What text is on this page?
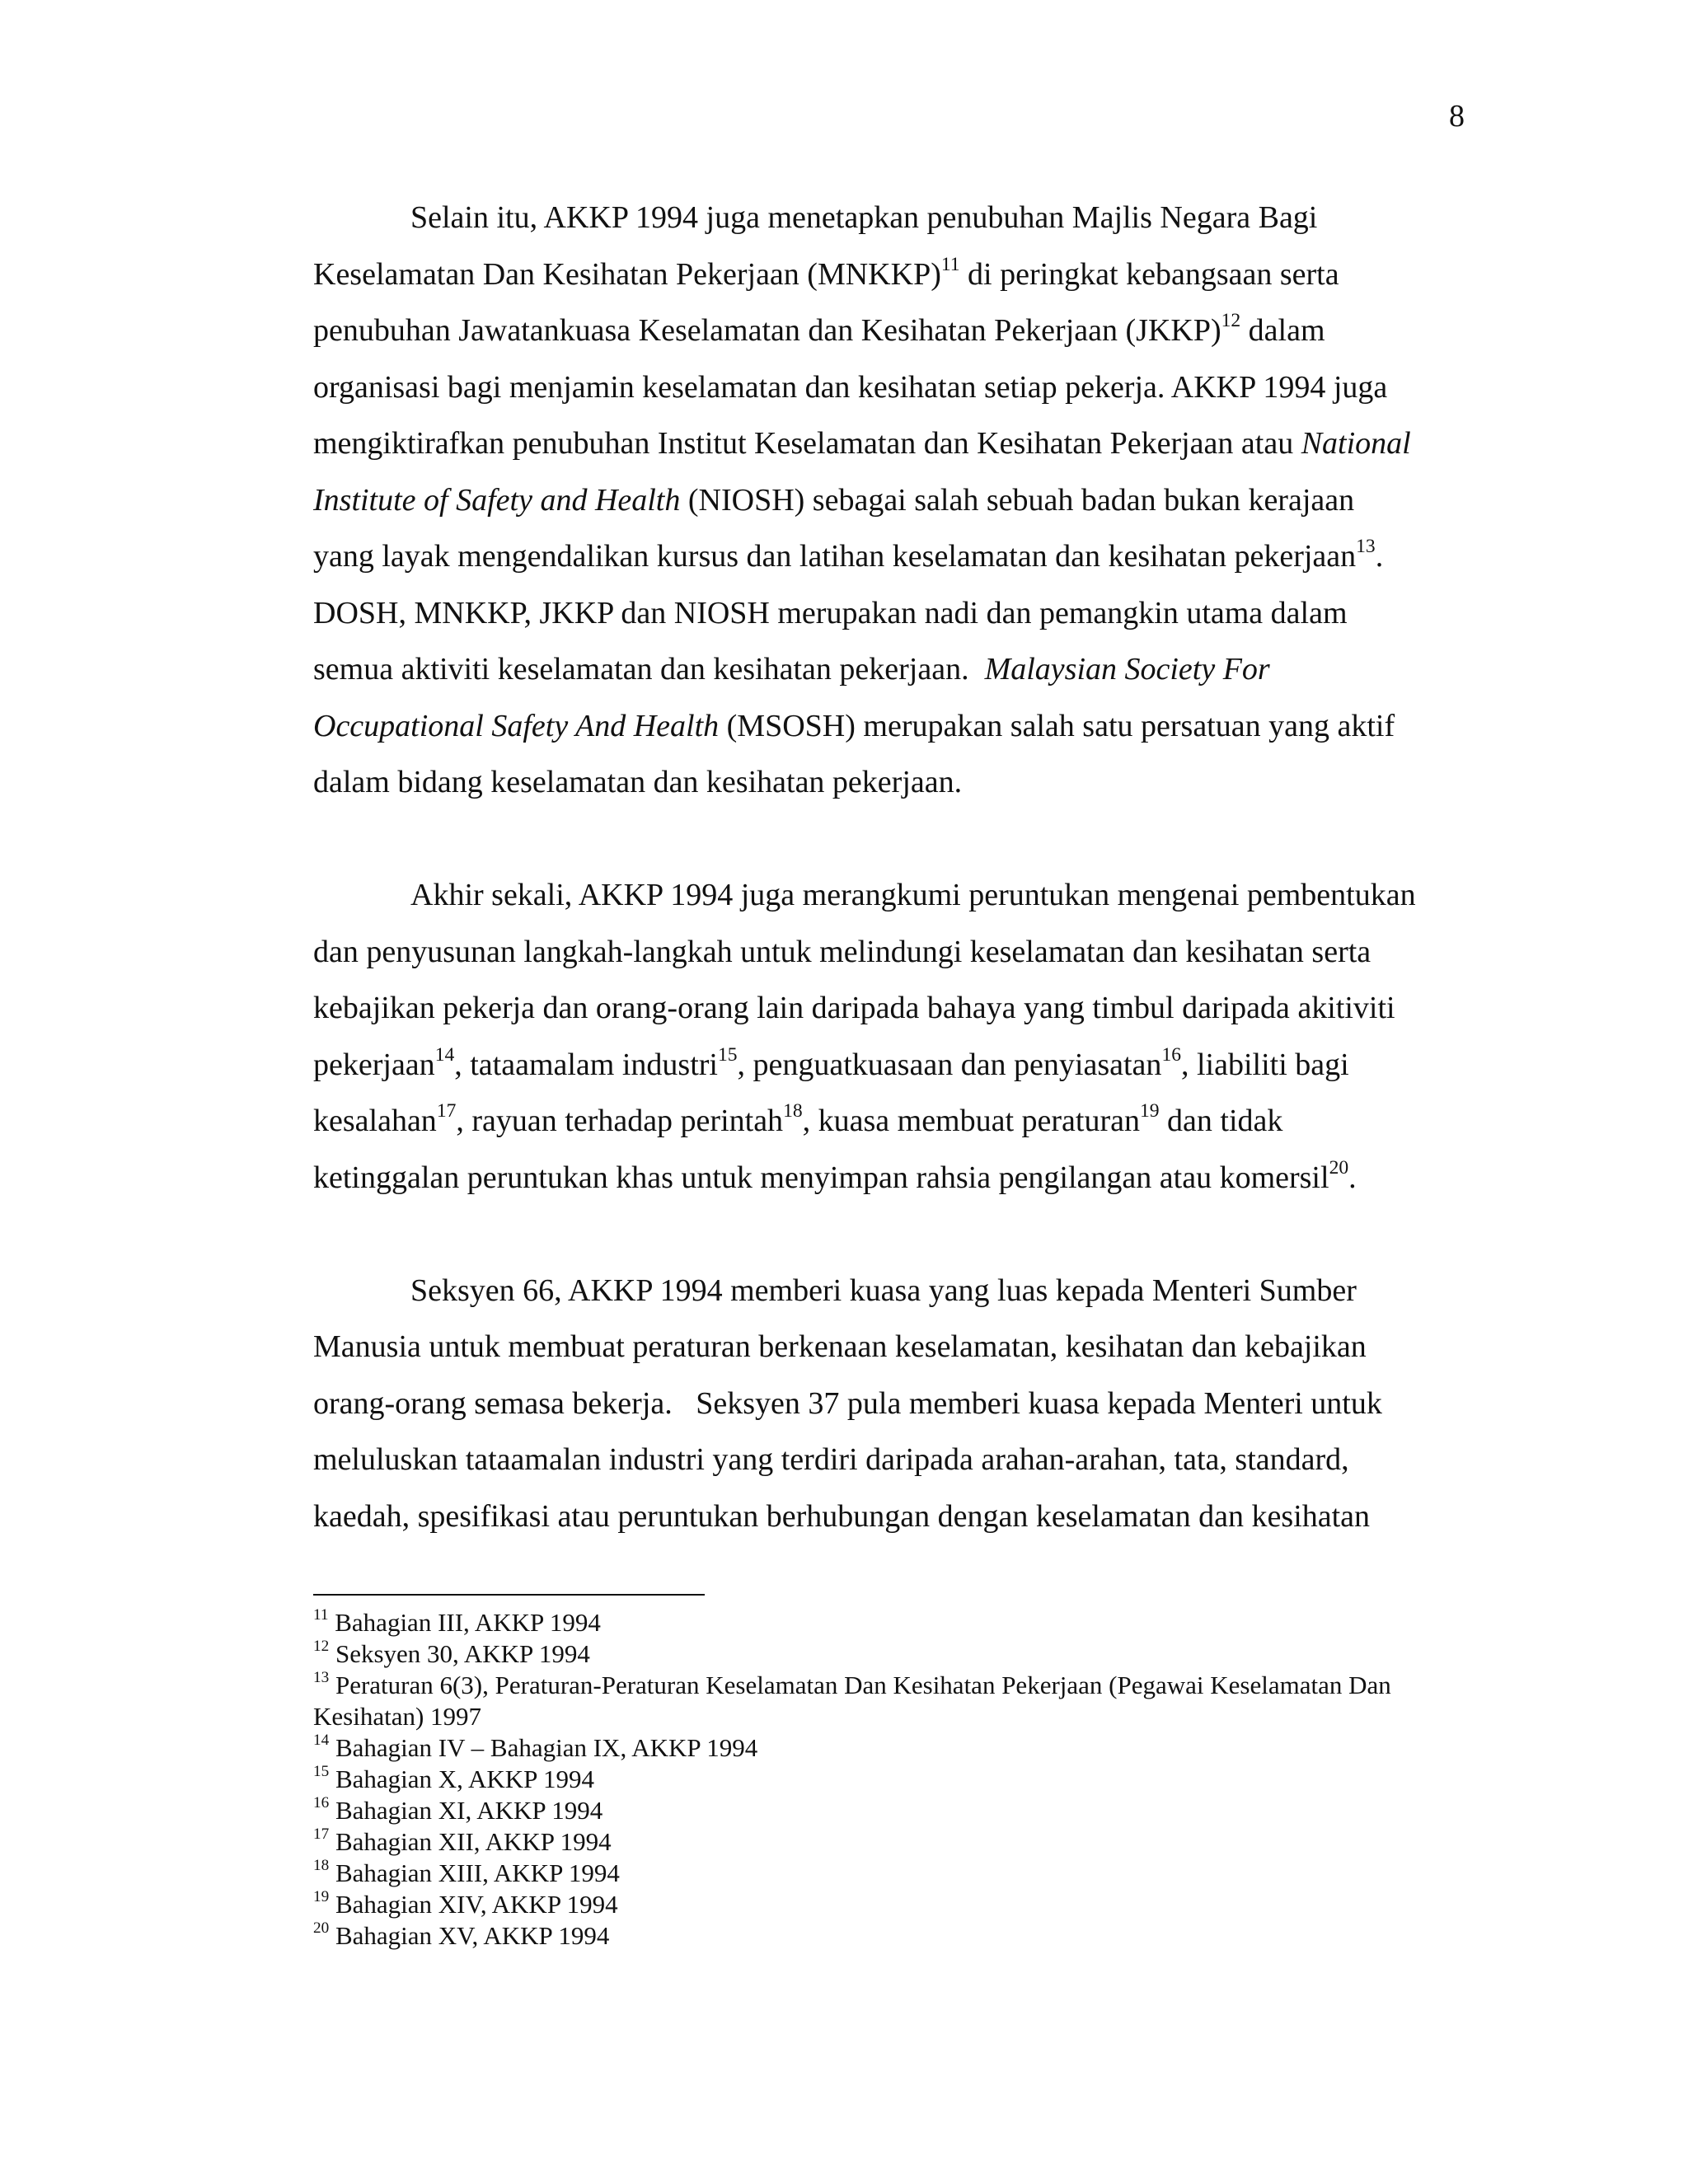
8
Selain itu, AKKP 1994 juga menetapkan penubuhan Majlis Negara Bagi
Keselamatan Dan Kesihatan Pekerjaan (MNKKP)$^{11}$ di peringkat kebangsaan serta
penubuhan Jawatankuasa Keselamatan dan Kesihatan Pekerjaan (JKKP)$^{12}$ dalam
organisasi bagi menjamin keselamatan dan kesihatan setiap pekerja. AKKP 1994 juga
mengiktirafkan penubuhan Institut Keselamatan dan Kesihatan Pekerjaan atau National
Institute of Safety and Health (NIOSH) sebagai salah sebuah badan bukan kerajaan
yang layak mengendalikan kursus dan latihan keselamatan dan kesihatan pekerjaan$^{13}$.
DOSH, MNKKP, JKKP dan NIOSH merupakan nadi dan pemangkin utama dalam
semua aktiviti keselamatan dan kesihatan pekerjaan.  Malaysian Society For
Occupational Safety And Health (MSOSH) merupakan salah satu persatuan yang aktif
dalam bidang keselamatan dan kesihatan pekerjaan.
Akhir sekali, AKKP 1994 juga merangkumi peruntukan mengenai pembentukan
dan penyusunan langkah-langkah untuk melindungi keselamatan dan kesihatan serta
kebajikan pekerja dan orang-orang lain daripada bahaya yang timbul daripada akitiviti
pekerjaan$^{14}$, tataamalam industri$^{15}$, penguatkuasaan dan penyiasatan$^{16}$, liabiliti bagi
kesalahan$^{17}$, rayuan terhadap perintah$^{18}$, kuasa membuat peraturan$^{19}$ dan tidak
ketinggalan peruntukan khas untuk menyimpan rahsia pengilangan atau komersil$^{20}$.
Seksyen 66, AKKP 1994 memberi kuasa yang luas kepada Menteri Sumber
Manusia untuk membuat peraturan berkenaan keselamatan, kesihatan dan kebajikan
orang-orang semasa bekerja.   Seksyen 37 pula memberi kuasa kepada Menteri untuk
meluluskan tataamalan industri yang terdiri daripada arahan-arahan, tata, standard,
kaedah, spesifikasi atau peruntukan berhubungan dengan keselamatan dan kesihatan
$^{11}$ Bahagian III, AKKP 1994
$^{12}$ Seksyen 30, AKKP 1994
$^{13}$ Peraturan 6(3), Peraturan-Peraturan Keselamatan Dan Kesihatan Pekerjaan (Pegawai Keselamatan Dan
Kesihatan) 1997
$^{14}$ Bahagian IV – Bahagian IX, AKKP 1994
$^{15}$ Bahagian X, AKKP 1994
$^{16}$ Bahagian XI, AKKP 1994
$^{17}$ Bahagian XII, AKKP 1994
$^{18}$ Bahagian XIII, AKKP 1994
$^{19}$ Bahagian XIV, AKKP 1994
$^{20}$ Bahagian XV, AKKP 1994
